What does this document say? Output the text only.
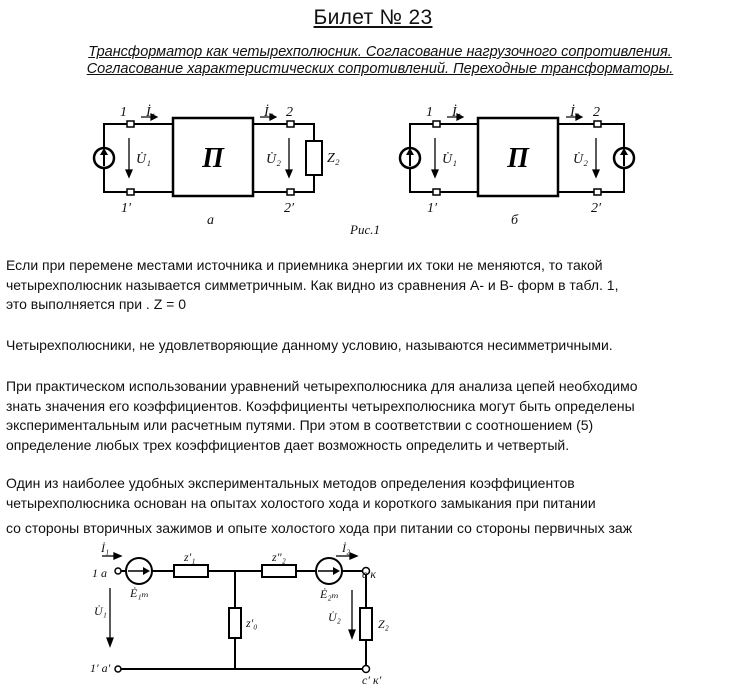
Билет № 23
Трансформатор как четырехполюсник. Согласование нагрузочного сопротивления.
Согласование характеристических сопротивлений. Переходные трансформаторы.
1 İ₁
1′
U̇₁
İ₂ 2
2′
U̇₂	Z₂
а
1 İ₁
1′
U̇₁
İ₂ 2
2′
U̇₂
б
Рис.1
П	П
Если при перемене местами источника и приемника энергии их токи не меняются, то такой
четырехполюсник называется симметричным. Как видно из сравнения А- и В- форм в табл. 1,
это выполняется при . Z = 0
Четырехполюсники, не удовлетворяющие данному условию, называются несимметричными.
При практическом использовании уравнений четырехполюсника для анализа цепей необходимо
знать значения его коэффициентов. Коэффициенты четырехполюсника могут быть определены
экспериментальным или расчетным путями. При этом в соответствии с соотношением (5)
определение любых трех коэффициентов дает возможность определить и четвертый.
Один из наиболее удобных экспериментальных методов определения коэффициентов
четырехполюсника основан на опытах холостого хода и короткого замыкания при питании
со стороны вторичных зажимов и опыте холостого хода при питании со стороны первичных заж
İ₁
1 a
Ė₁ₘ
z′₁	z″₂
Ė₂ₘ
İ₂
c к
U̇₁
z′₀	U̇₂	Z₂
1′ a′
c′ к′
